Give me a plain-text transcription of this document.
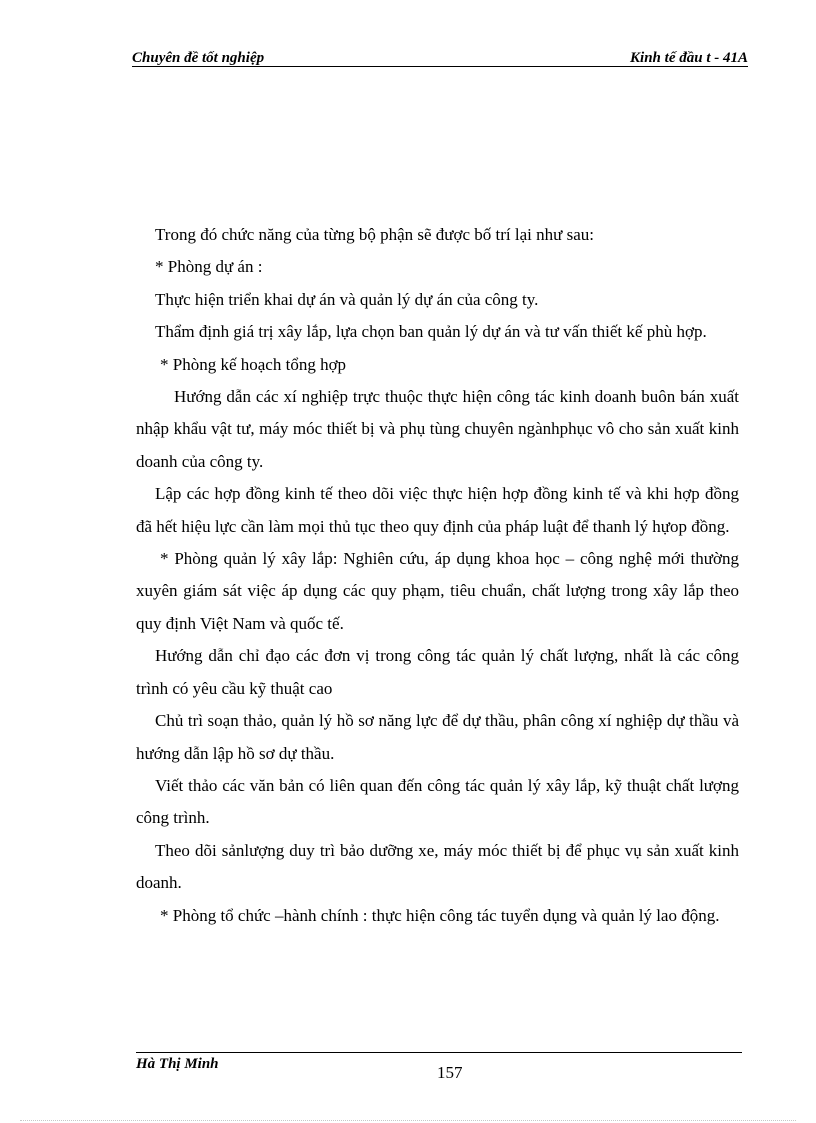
Chuyên đề tốt nghiệp	Kinh tế đầu t - 41A

Trong đó chức năng của từng bộ phận sẽ được bố trí lại như sau:

* Phòng dự án :

Thực hiện triển khai dự án và quản lý dự án của công ty.

Thẩm định giá trị xây lắp, lựa chọn ban quản lý dự án và tư vấn thiết kế phù hợp.

* Phòng kế hoạch tổng hợp

Hướng dẫn các xí nghiệp trực thuộc thực hiện công tác kinh doanh buôn bán xuất nhập khẩu vật tư, máy móc thiết bị và phụ tùng chuyên ngànhphục vô cho sản xuất kinh doanh của công ty.

Lập các hợp đồng kinh tế theo dõi việc thực hiện hợp đồng kinh tế và khi hợp đồng đã hết hiệu lực cần làm mọi thủ tục theo quy định của pháp luật để thanh lý hựop đồng.

* Phòng quản lý xây lắp: Nghiên cứu, áp dụng khoa học – công nghệ mới thường xuyên giám sát việc áp dụng các quy phạm, tiêu chuẩn, chất lượng trong xây lắp theo quy định Việt Nam và quốc tế.

Hướng dẫn chỉ đạo các đơn vị trong công tác quản lý chất lượng, nhất là các công trình có yêu cầu kỹ thuật cao

Chủ trì soạn thảo, quản lý hồ sơ năng lực để dự thầu, phân công xí nghiệp dự thầu và hướng dẫn lập hồ sơ dự thầu.

Viết thảo các văn bản có liên quan đến công tác quản lý xây lắp, kỹ thuật chất lượng công trình.

Theo dõi sảnlượng duy trì bảo dưỡng xe, máy móc thiết bị để phục vụ sản xuất kinh doanh.

* Phòng tổ chức –hành chính : thực hiện công tác tuyển dụng và quản lý lao động.

Hà Thị Minh	157
